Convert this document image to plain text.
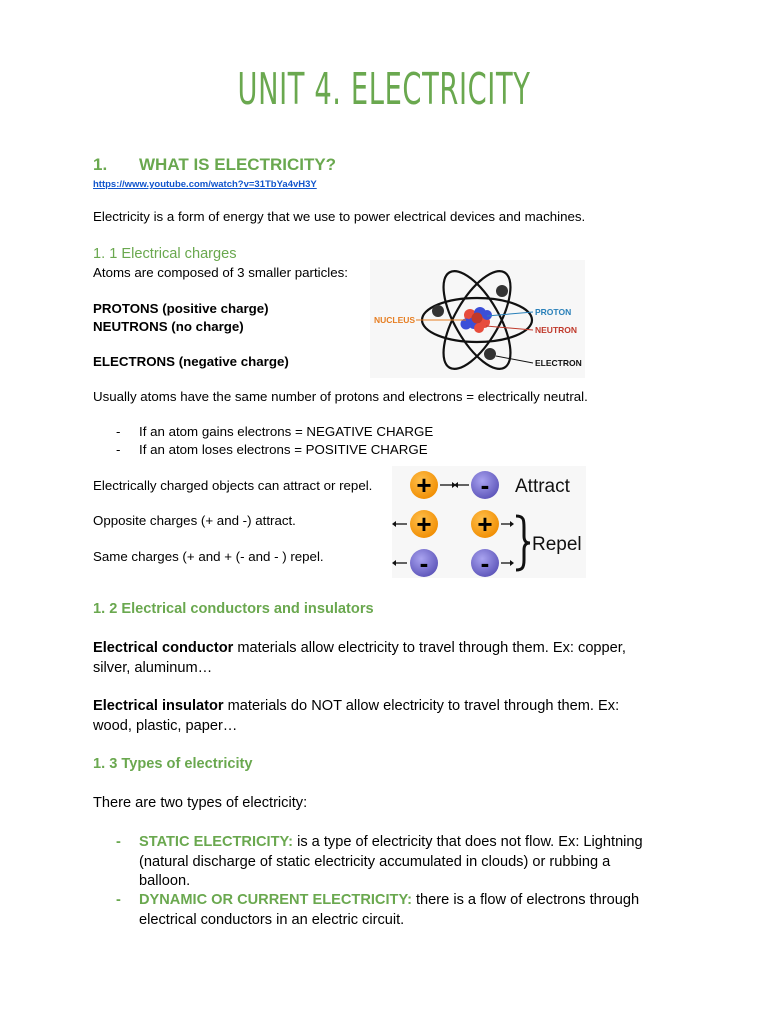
UNIT 4. ELECTRICITY
1. WHAT IS ELECTRICITY?
https://www.youtube.com/watch?v=31TbYa4vH3Y
Electricity is a form of energy that we use to power electrical devices and machines.
1. 1 Electrical charges
Atoms are composed of 3 smaller particles:
PROTONS (positive charge)
NEUTRONS (no charge)
ELECTRONS (negative charge)
NUCLEUS
PROTON
NEUTRON
ELECTRON
Usually atoms have the same number of protons and electrons = electrically neutral.
- If an atom gains electrons = NEGATIVE CHARGE
- If an atom loses electrons = POSITIVE CHARGE
Electrically charged objects can attract or repel.
Opposite charges (+ and -) attract.
Same charges (+ and + (- and - ) repel.
+ - Attract
+ +
- -
Repel
1. 2 Electrical conductors and insulators
Electrical conductor materials allow electricity to travel through them. Ex: copper,
silver, aluminum…
Electrical insulator materials do NOT allow electricity to travel through them. Ex:
wood, plastic, paper…
1. 3 Types of electricity
There are two types of electricity:
- STATIC ELECTRICITY: is a type of electricity that does not flow. Ex: Lightning
(natural discharge of static electricity accumulated in clouds) or rubbing a
balloon.
- DYNAMIC OR CURRENT ELECTRICITY: there is a flow of electrons through
electrical conductors in an electric circuit.
